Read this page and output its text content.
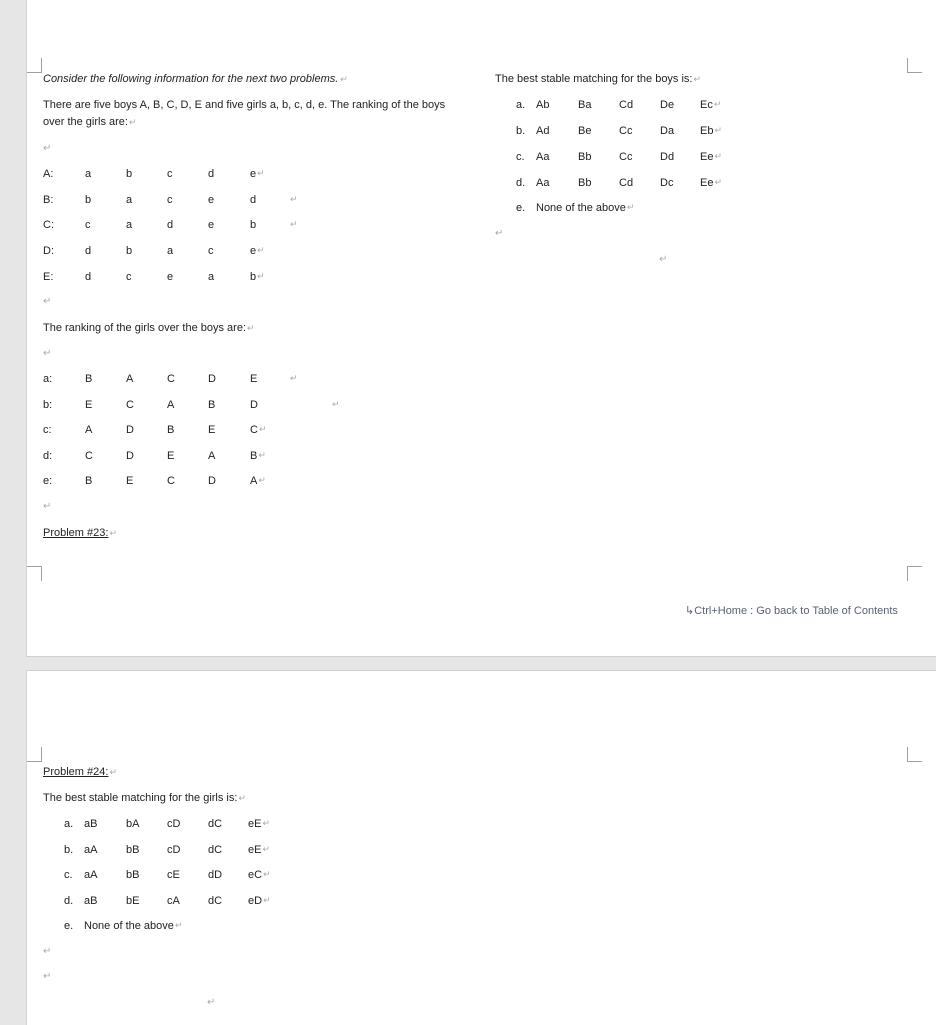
Consider the following information for the next two problems.↵
There are five boys A, B, C, D, E and five girls a, b, c, d, e. The ranking of the boys
over the girls are:↵
↵
A:	a	b	c	d	e ↵
B:	b	a	c	e	d	↵
C:	c	a	d	e	b	↵
D:	d	b	a	c	e ↵
E:	d	c	e	a	b ↵
↵
The ranking of the girls over the boys are:↵
↵
a:	B	A	C	D	E	↵
b:	E	C	A	B	D	↵
c:	A	D	B	E	C ↵
d:	C	D	E	A	B ↵
e:	B	E	C	D	A ↵
↵
Problem #23:↵
The best stable matching for the boys is:↵
a. Ab	Ba	Cd De Ec ↵
b. Ad	Be	Cc	Da Eb ↵
c. Aa	Bb	Cc	Dd Ee ↵
d. Aa	Bb	Cd Dc Ee ↵
e. None of the above ↵
↵
↵
↳Ctrl+Home : Go back to Table of Contents
Problem #24:↵
The best stable matching for the girls is:↵
a. aB	bA	cD	dC eE ↵
b. aA	bB	cD	dC eE ↵
c. aA	bB	cE	dD eC ↵
d. aB	bE	cA	dC eD ↵
e. None of the above ↵
↵
↵
↵
